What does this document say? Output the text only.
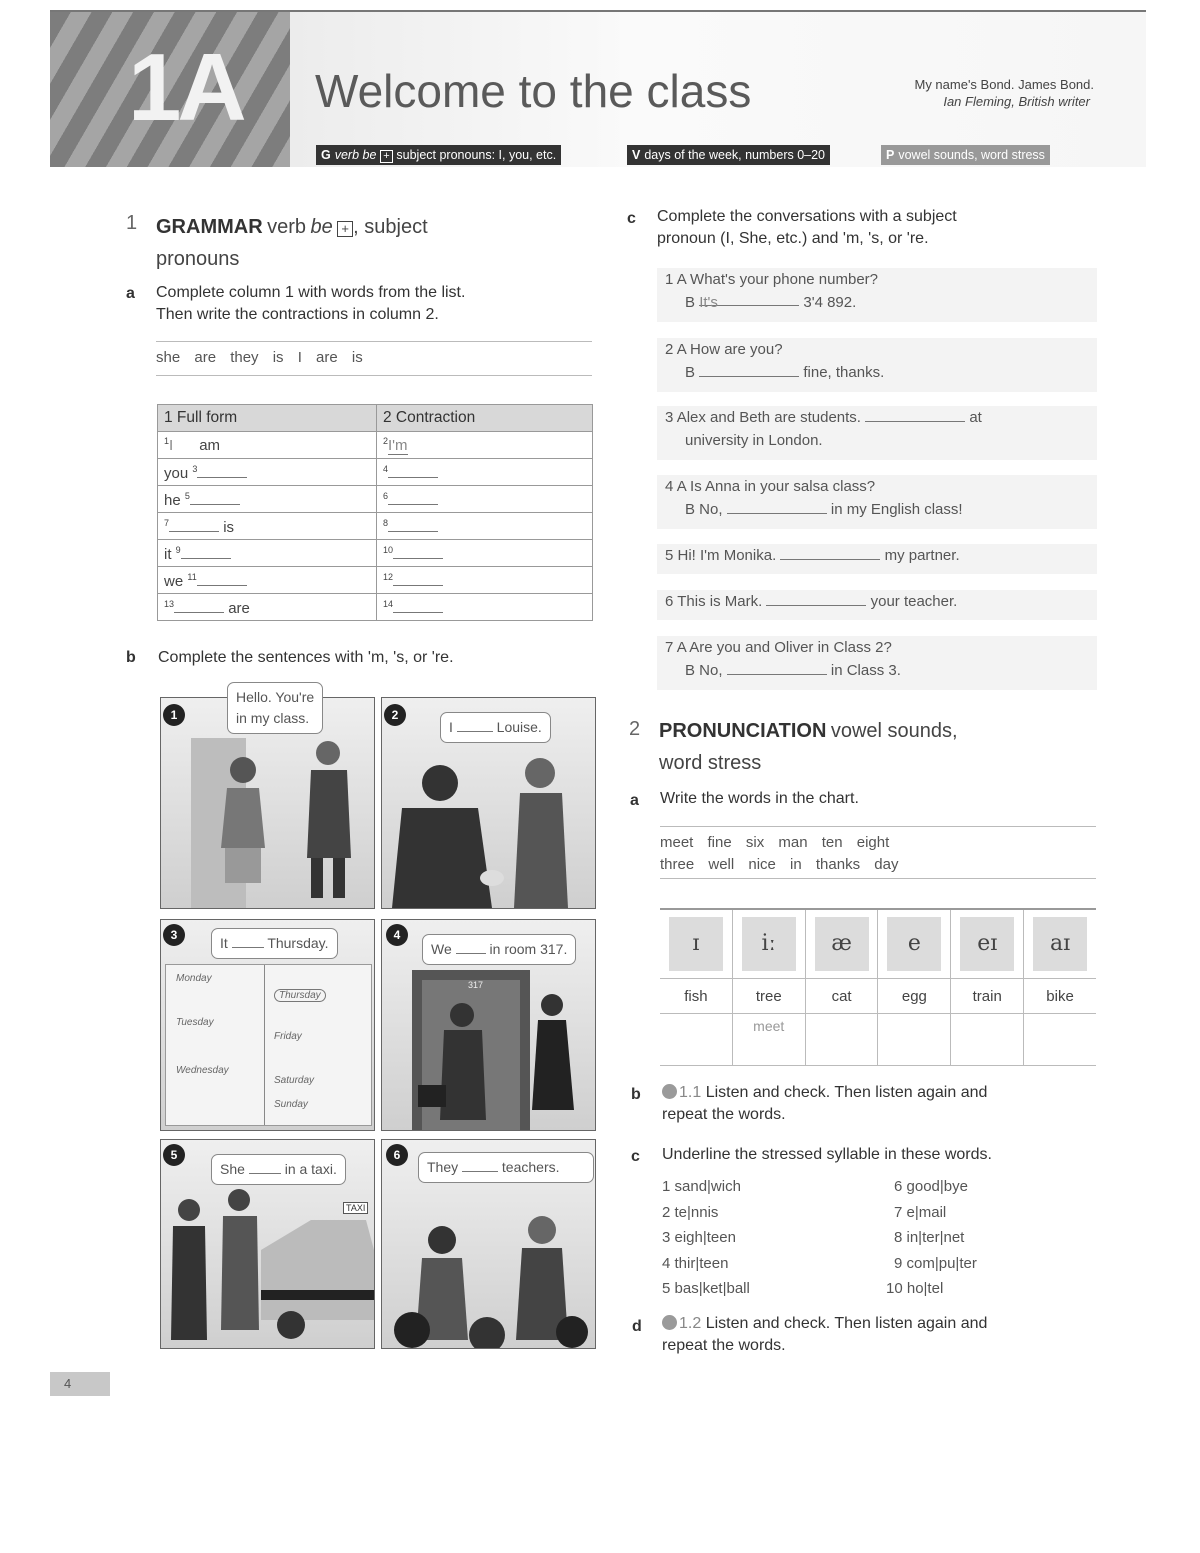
1A Welcome to the class	My name's Bond. James Bond.
Ian Fleming, British writer
G verb be + subject pronouns: I, you, etc.	V days of the week, numbers 0–20	P vowel sounds, word stress
1 GRAMMAR verb be + , subject
pronouns
a Complete column 1 with words from the list.
Then write the contractions in column 2.
she are they is I are is
1 Full form	2 Contraction
$^1$I am	$^2$I'm
you $^3$	$^4$
he $^5$	$^6$
$^7$ is	$^8$
it $^9$	$^{10}$
we $^{11}$	$^{12}$
$^{13}$ are	$^{14}$
b Complete the sentences with 'm, 's, or 're.
1
Hello. You're
in my class.	2
I	Louise.
3	It	Thursday.
Monday
Thursday
Tuesday
Friday
Wednesday
Saturday
Sunday
4
We	in room 317.
317
5
She	in a taxi.
TAXI
6
They	teachers.
c Complete the conversations with a subject
pronoun (I, She, etc.) and 'm, 's, or 're.
1 A What's your phone number?
B It's	3'4 892.
2 A How are you?
B	fine, thanks.
3 Alex and Beth are students.	at
university in London.
4 A Is Anna in your salsa class?
B No,	in my English class!
5 Hi! I'm Monika.	my partner.
6 This is Mark.	your teacher.
7 A Are you and Oliver in Class 2?
B No,	in Class 3.
2 PRONUNCIATION vowel sounds,
word stress
a Write the words in the chart.
meet fine six man ten eight
three well nice in thanks day
ɪ	iː	æ	e	eɪ	aɪ
fish	tree	cat	egg	train	bike
	meet				
b	1.1 Listen and check. Then listen again and
repeat the words.
c Underline the stressed syllable in these words.
1 sand|wich
2 te|nnis
3 eigh|teen
4 thir|teen
5 bas|ket|ball
6 good|bye
7 e|mail
8 in|ter|net
9 com|pu|ter
10 ho|tel
d	1.2 Listen and check. Then listen again and
repeat the words.
4
